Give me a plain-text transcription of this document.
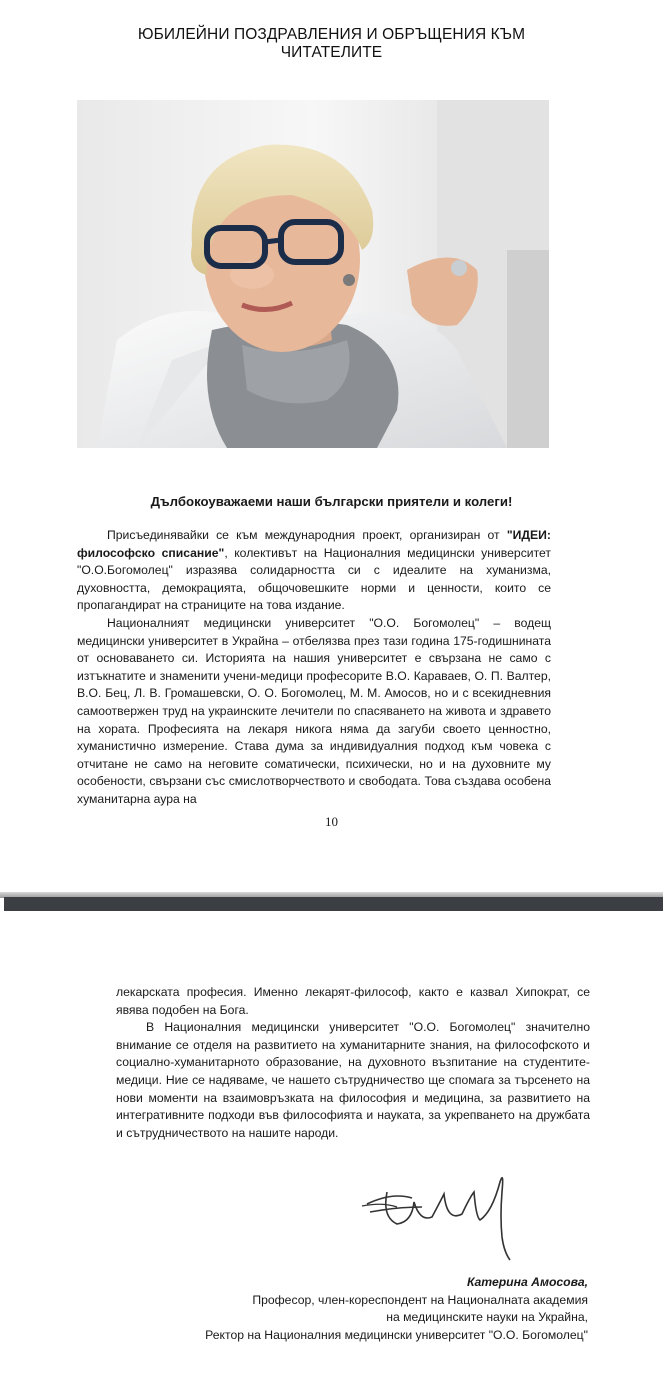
ЮБИЛЕЙНИ ПОЗДРАВЛЕНИЯ И ОБРЪЩЕНИЯ КЪМ
ЧИТАТЕЛИТЕ
Дълбокоуважаеми наши български приятели и колеги!

Присъединявайки се към международния проект, организиран от "ИДЕИ: философско списание", колективът на Националния медицински университет "О.О.Богомолец" изразява солидарността си с идеалите на хуманизма, духовността, демокрацията, общочовешките норми и ценности, които се пропагандират на страниците на това издание.

Националният медицински университет "О.О. Богомолец" – водещ медицински университет в Украйна – отбелязва през тази година 175-годишнината от основаването си. Историята на нашия университет е свързана не само с изтъкнатите и знаменити учени-медици професорите В.О. Караваев, О. П. Валтер, В.О. Бец, Л. В. Громашевски, О. О. Богомолец, М. М. Амосов, но и с всекидневния самоотвержен труд на украинските лечители по спасяването на живота и здравето на хората. Професията на лекаря никога няма да загуби своето ценностно, хуманистично измерение. Става дума за индивидуалния подход към човека с отчитане не само на неговите соматически, психически, но и на духовните му особености, свързани със смислотворчеството и свободата. Това създава особена хуманитарна аура на

10

лекарската професия. Именно лекарят-философ, както е казвал Хипократ, се явява подобен на Бога.

В Националния медицински университет "О.О. Богомолец" значително внимание се отделя на развитието на хуманитарните знания, на философското и социално-хуманитарното образование, на духовното възпитание на студентите-медици. Ние се надяваме, че нашето сътрудничество ще спомага за търсенето на нови моменти на взаимовръзката на философия и медицина, за развитието на интегративните подходи във философията и науката, за укрепването на дружбата и сътрудничеството на нашите народи.

Катерина Амосова,
Професор, член-кореспондент на Националната академия
на медицинските науки на Украйна,
Ректор на Националния медицински университет "О.О. Богомолец"
